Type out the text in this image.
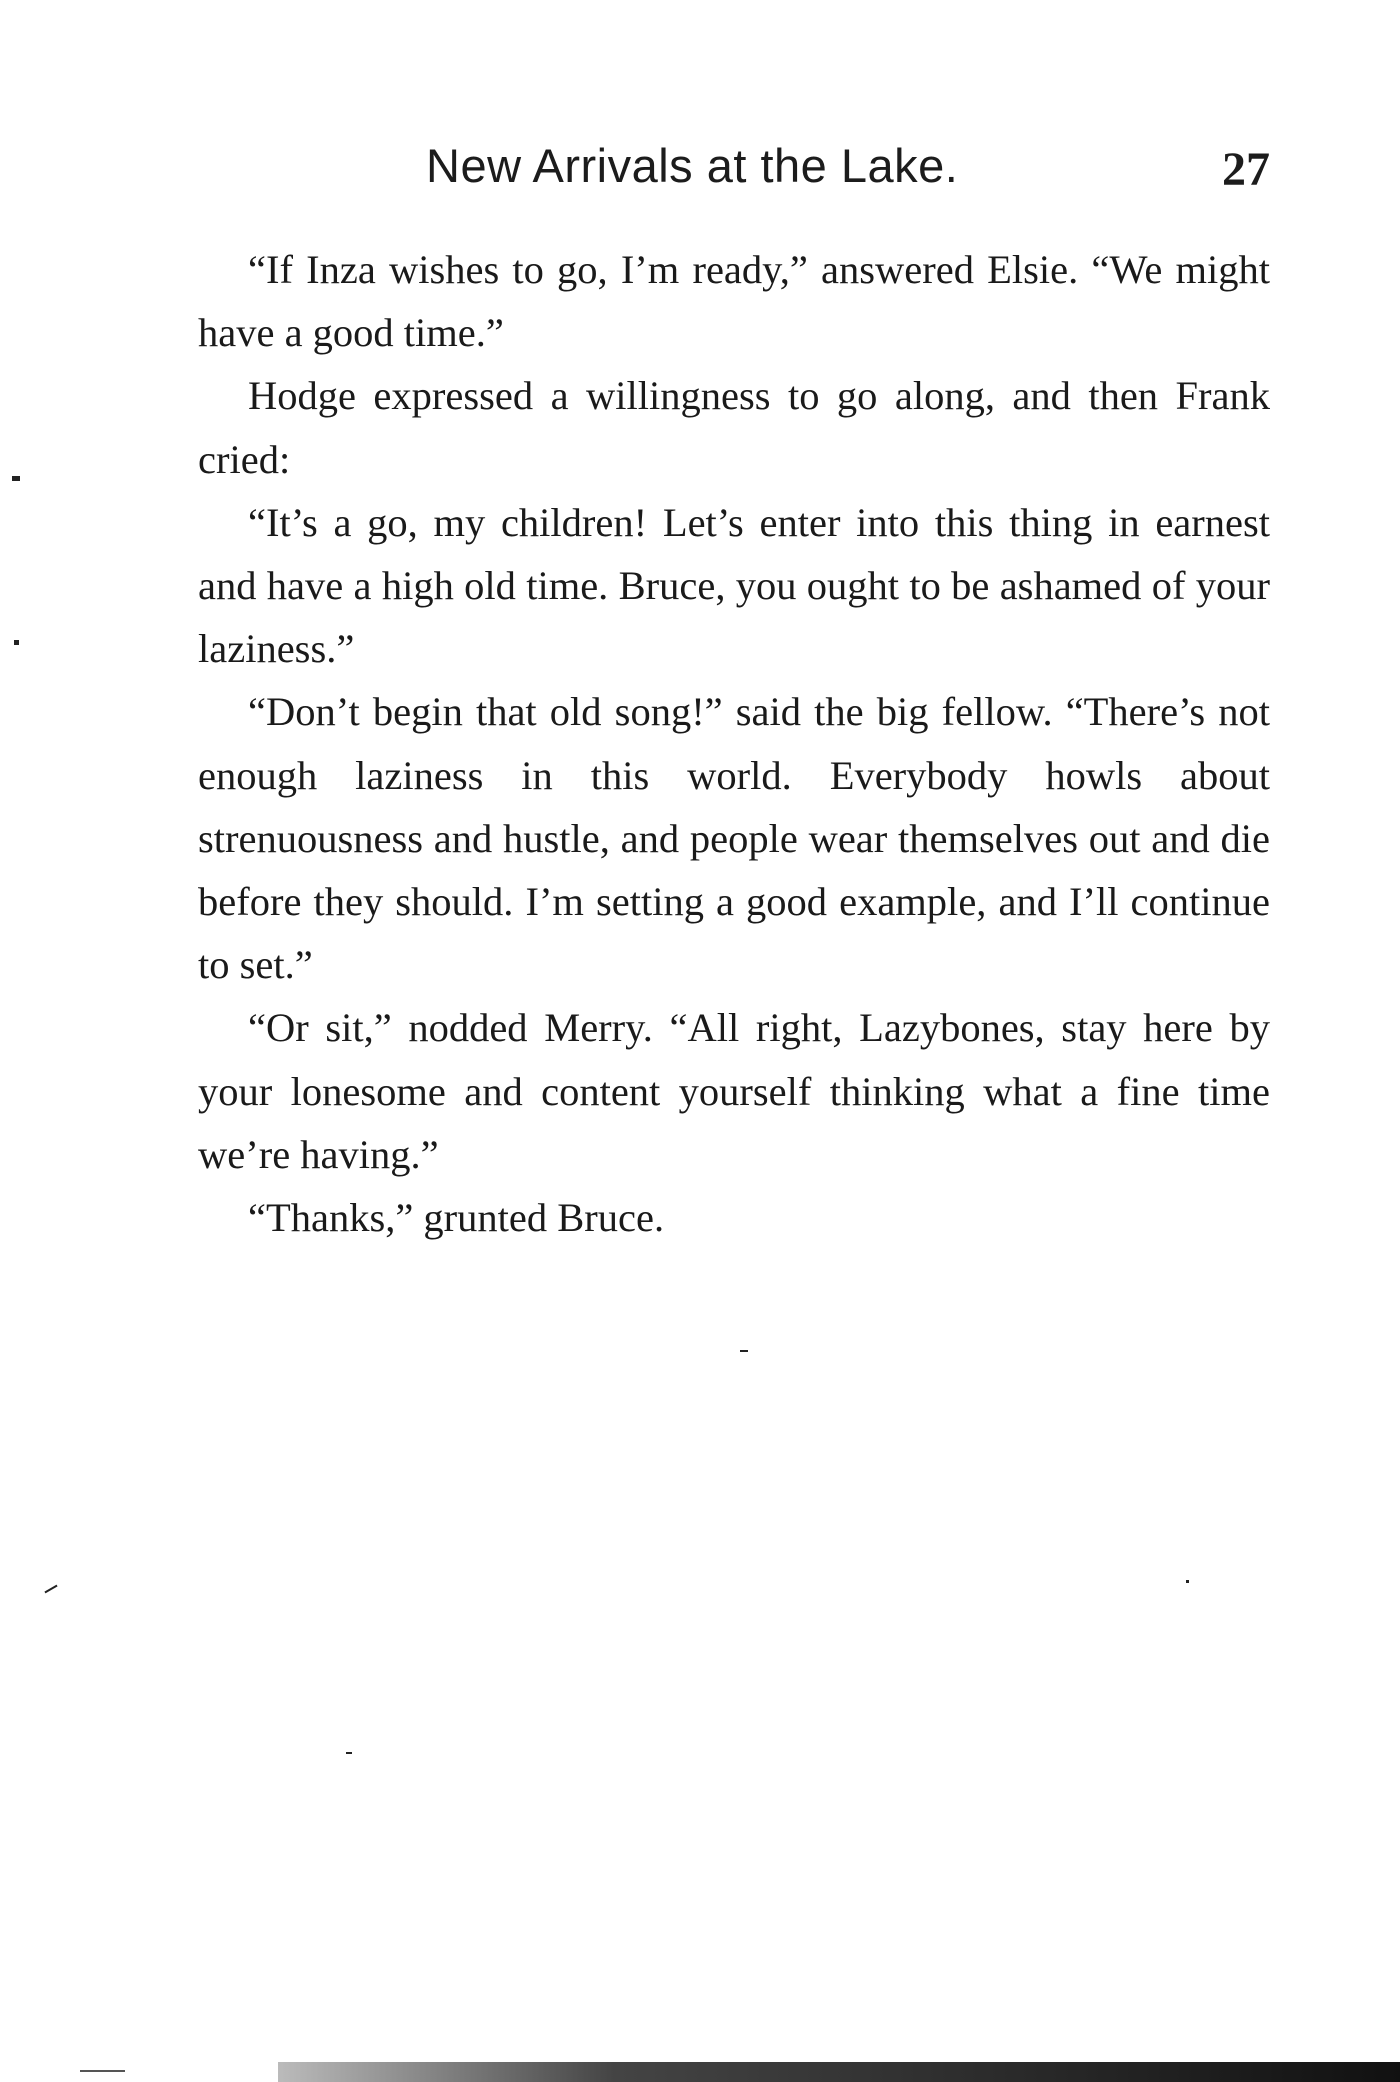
New Arrivals at the Lake.	27

“If Inza wishes to go, I’m ready,” answered Elsie. “We might have a good time.”

Hodge expressed a willingness to go along, and then Frank cried:

“It’s a go, my children! Let’s enter into this thing in earnest and have a high old time. Bruce, you ought to be ashamed of your laziness.”

“Don’t begin that old song!” said the big fellow. “There’s not enough laziness in this world. Everybody howls about strenuousness and hustle, and people wear themselves out and die before they should. I’m setting a good example, and I’ll continue to set.”

“Or sit,” nodded Merry. “All right, Lazybones, stay here by your lonesome and content yourself thinking what a fine time we’re having.”

“Thanks,” grunted Bruce.
